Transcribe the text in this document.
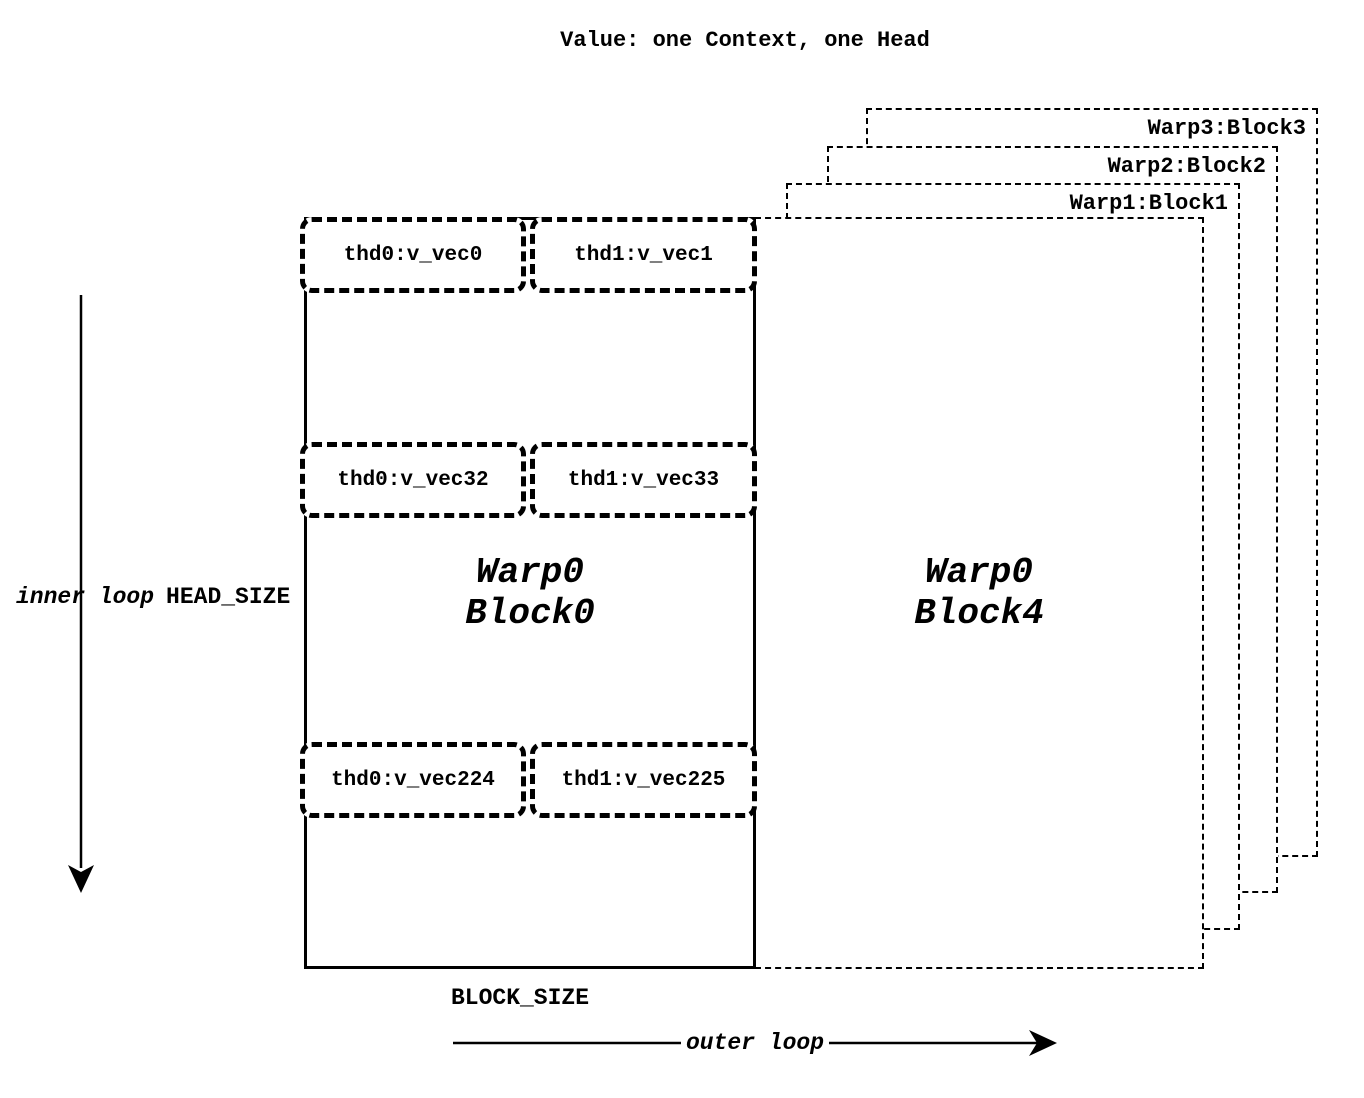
Value: one Context, one Head
Warp3:Block3
Warp2:Block2
Warp1:Block1
thd0:v_vec0	thd1:v_vec1
thd0:v_vec32	thd1:v_vec33
thd0:v_vec224	thd1:v_vec225
Warp0
Block0
Warp0
Block4
inner loop HEAD_SIZE
BLOCK_SIZE
outer loop
